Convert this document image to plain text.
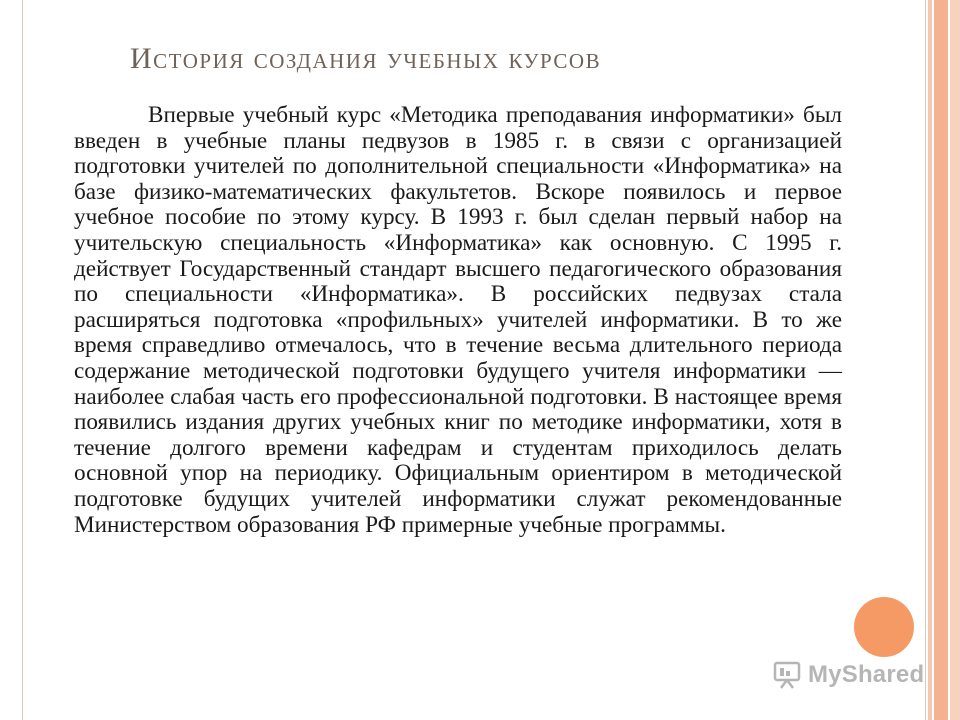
История создания учебных курсов

Впервые учебный курс «Методика преподавания информатики» был введен в учебные планы педвузов в 1985 г. в связи с организацией подготовки учителей по дополнительной специальности «Информатика» на базе физико-математических факультетов. Вскоре появилось и первое учебное пособие по этому курсу. В 1993 г. был сделан первый набор на учительскую специальность «Информатика» как основную. С 1995 г. действует Государственный стандарт высшего педагогического образования по специальности «Информатика». В российских педвузах стала расширяться подготовка «профильных» учителей информатики. В то же время справедливо отмечалось, что в течение весьма длительного периода содержание методической подготовки будущего учителя информатики — наиболее слабая часть его профессиональной подготовки. В настоящее время появились издания других учебных книг по методике информатики, хотя в течение долгого времени кафедрам и студентам приходилось делать основной упор на периодику. Официальным ориентиром в методической подготовке будущих учителей информатики служат рекомендованные Министерством образования РФ примерные учебные программы.

MyShared
